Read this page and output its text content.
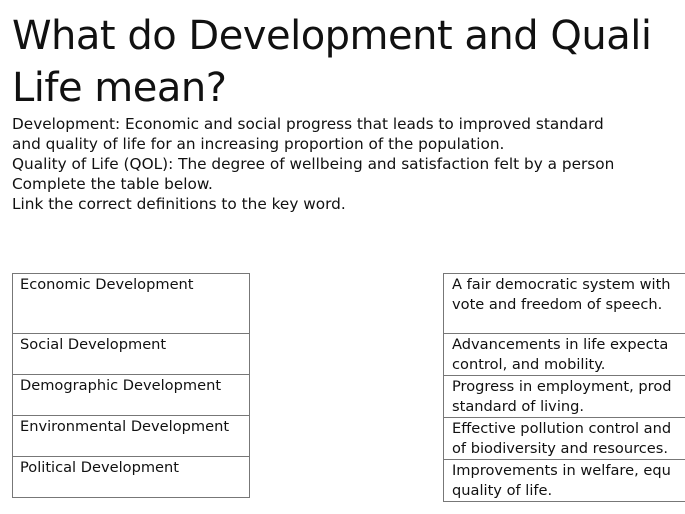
What do Development and Quali
Life mean?
Development: Economic and social progress that leads to improved standard
and quality of life for an increasing proportion of the population.
Quality of Life (QOL): The degree of wellbeing and satisfaction felt by a person
Complete the table below.
Link the correct definitions to the key word.
Economic Development
Social Development
Demographic Development
Environmental Development
Political Development
A fair democratic system with
vote and freedom of speech.
Advancements in life expecta
control, and mobility.
Progress in employment, prod
standard of living.
Effective pollution control and
of biodiversity and resources.
Improvements in welfare, equ
quality of life.
